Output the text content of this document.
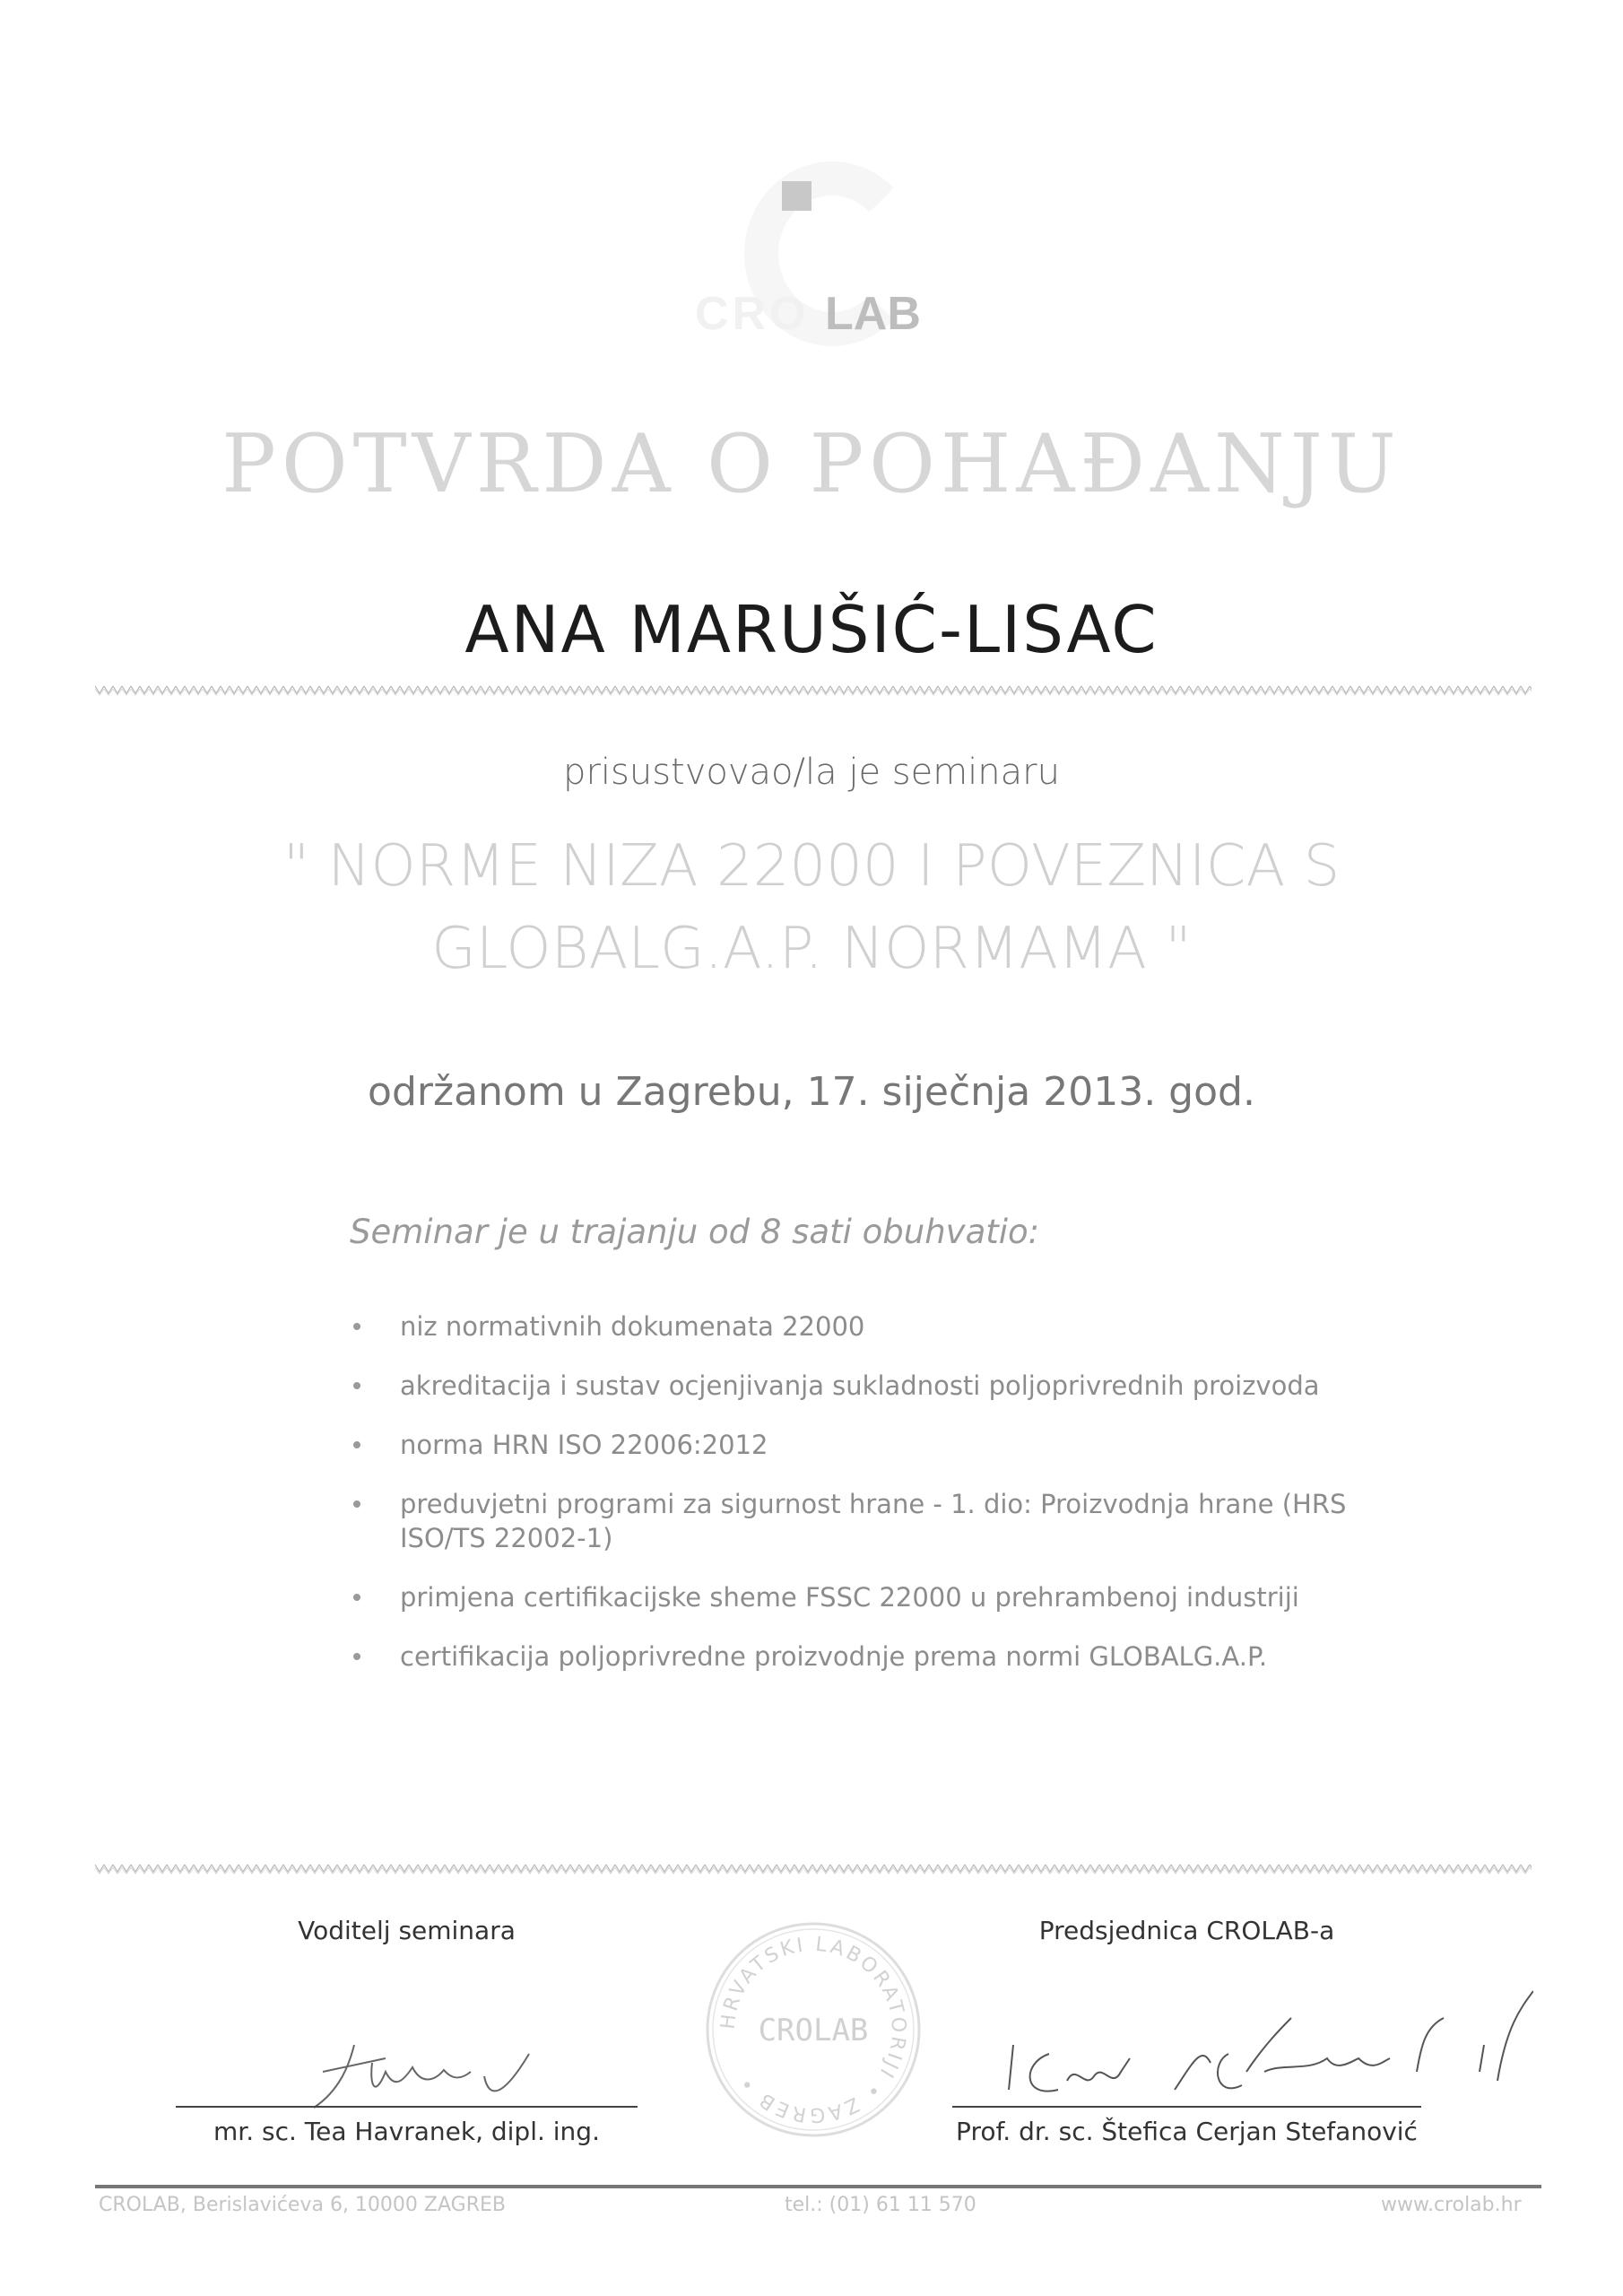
CRO LAB
POTVRDA O POHAĐANJU
ANA MARUŠIĆ-LISAC
prisustvovao/la je seminaru
" NORME NIZA 22000 I POVEZNICA S
GLOBALG.A.P. NORMAMA "
održanom u Zagrebu, 17. siječnja 2013. god.
Seminar je u trajanju od 8 sati obuhvatio:
niz normativnih dokumenata 22000
akreditacija i sustav ocjenjivanja sukladnosti poljoprivrednih proizvoda
norma HRN ISO 22006:2012
preduvjetni programi za sigurnost hrane - 1. dio: Proizvodnja hrane (HRS ISO/TS 22002-1)
primjena certifikacijske sheme FSSC 22000 u prehrambenoj industriji
certifikacija poljoprivredne proizvodnje prema normi GLOBALG.A.P.
Voditelj seminara	Predsjednica CROLAB-a
mr. sc. Tea Havranek, dipl. ing.	Prof. dr. sc. Štefica Cerjan Stefanović
HRVATSKI LABORATORIJI • ZAGREB •
CROLAB
CROLAB, Berislavićeva 6, 10000 ZAGREB	tel.: (01) 61 11 570	www.crolab.hr
